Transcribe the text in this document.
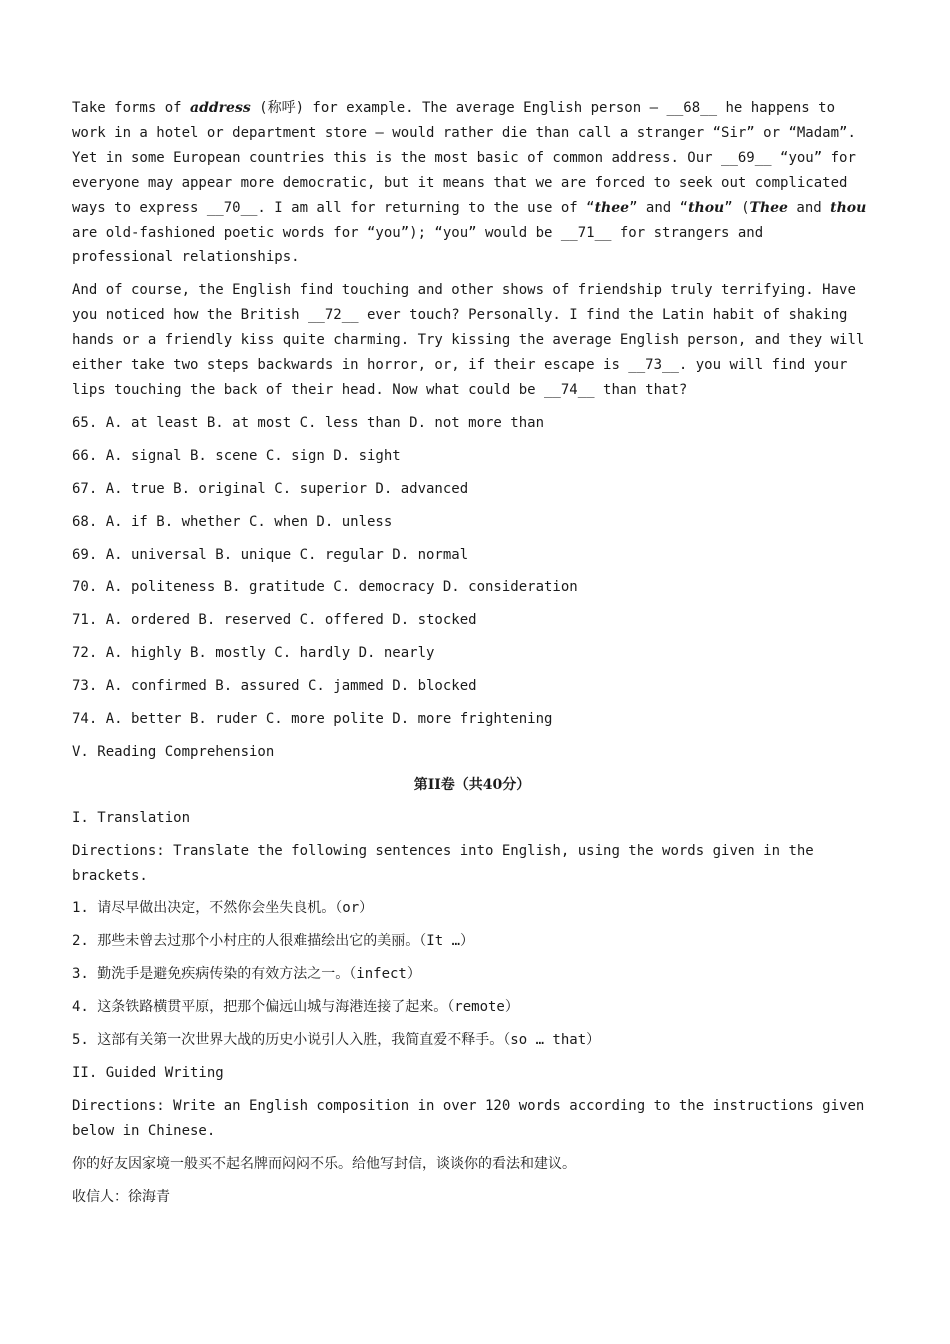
Take forms of address (称呼) for example. The average English person — __68__ he happens to work in a hotel or department store — would rather die than call a stranger “Sir” or “Madam”. Yet in some European countries this is the most basic of common address. Our __69__ “you” for everyone may appear more democratic, but it means that we are forced to seek out complicated ways to express __70__. I am all for returning to the use of “thee” and “thou” (Thee and thou are old-fashioned poetic words for “you”); “you” would be __71__ for strangers and professional relationships.

And of course, the English find touching and other shows of friendship truly terrifying. Have you noticed how the British __72__ ever touch? Personally. I find the Latin habit of shaking hands or a friendly kiss quite charming. Try kissing the average English person, and they will either take two steps backwards in horror, or, if their escape is __73__. you will find your lips touching the back of their head. Now what could be __74__ than that?

65. A. at least B. at most C. less than D. not more than
66. A. signal B. scene C. sign D. sight
67. A. true B. original C. superior D. advanced
68. A. if B. whether C. when D. unless
69. A. universal B. unique C. regular D. normal
70. A. politeness B. gratitude C. democracy D. consideration
71. A. ordered B. reserved C. offered D. stocked
72. A. highly B. mostly C. hardly D. nearly
73. A. confirmed B. assured C. jammed D. blocked
74. A. better B. ruder C. more polite D. more frightening
V. Reading Comprehension
第II卷（共40分）
I. Translation

Directions: Translate the following sentences into English, using the words given in the brackets.

1. 请尽早做出决定，不然你会坐失良机。（or）
2. 那些未曾去过那个小村庄的人很难描绘出它的美丽。（It …）
3. 勤洗手是避免疾病传染的有效方法之一。（infect）
4. 这条铁路横贯平原，把那个偏远山城与海港连接了起来。（remote）
5. 这部有关第一次世界大战的历史小说引人入胜，我简直爱不释手。（so … that）
II. Guided Writing

Directions: Write an English composition in over 120 words according to the instructions given below in Chinese.

你的好友因家境一般买不起名牌而闷闷不乐。给他写封信，谈谈你的看法和建议。
收信人：徐海青
